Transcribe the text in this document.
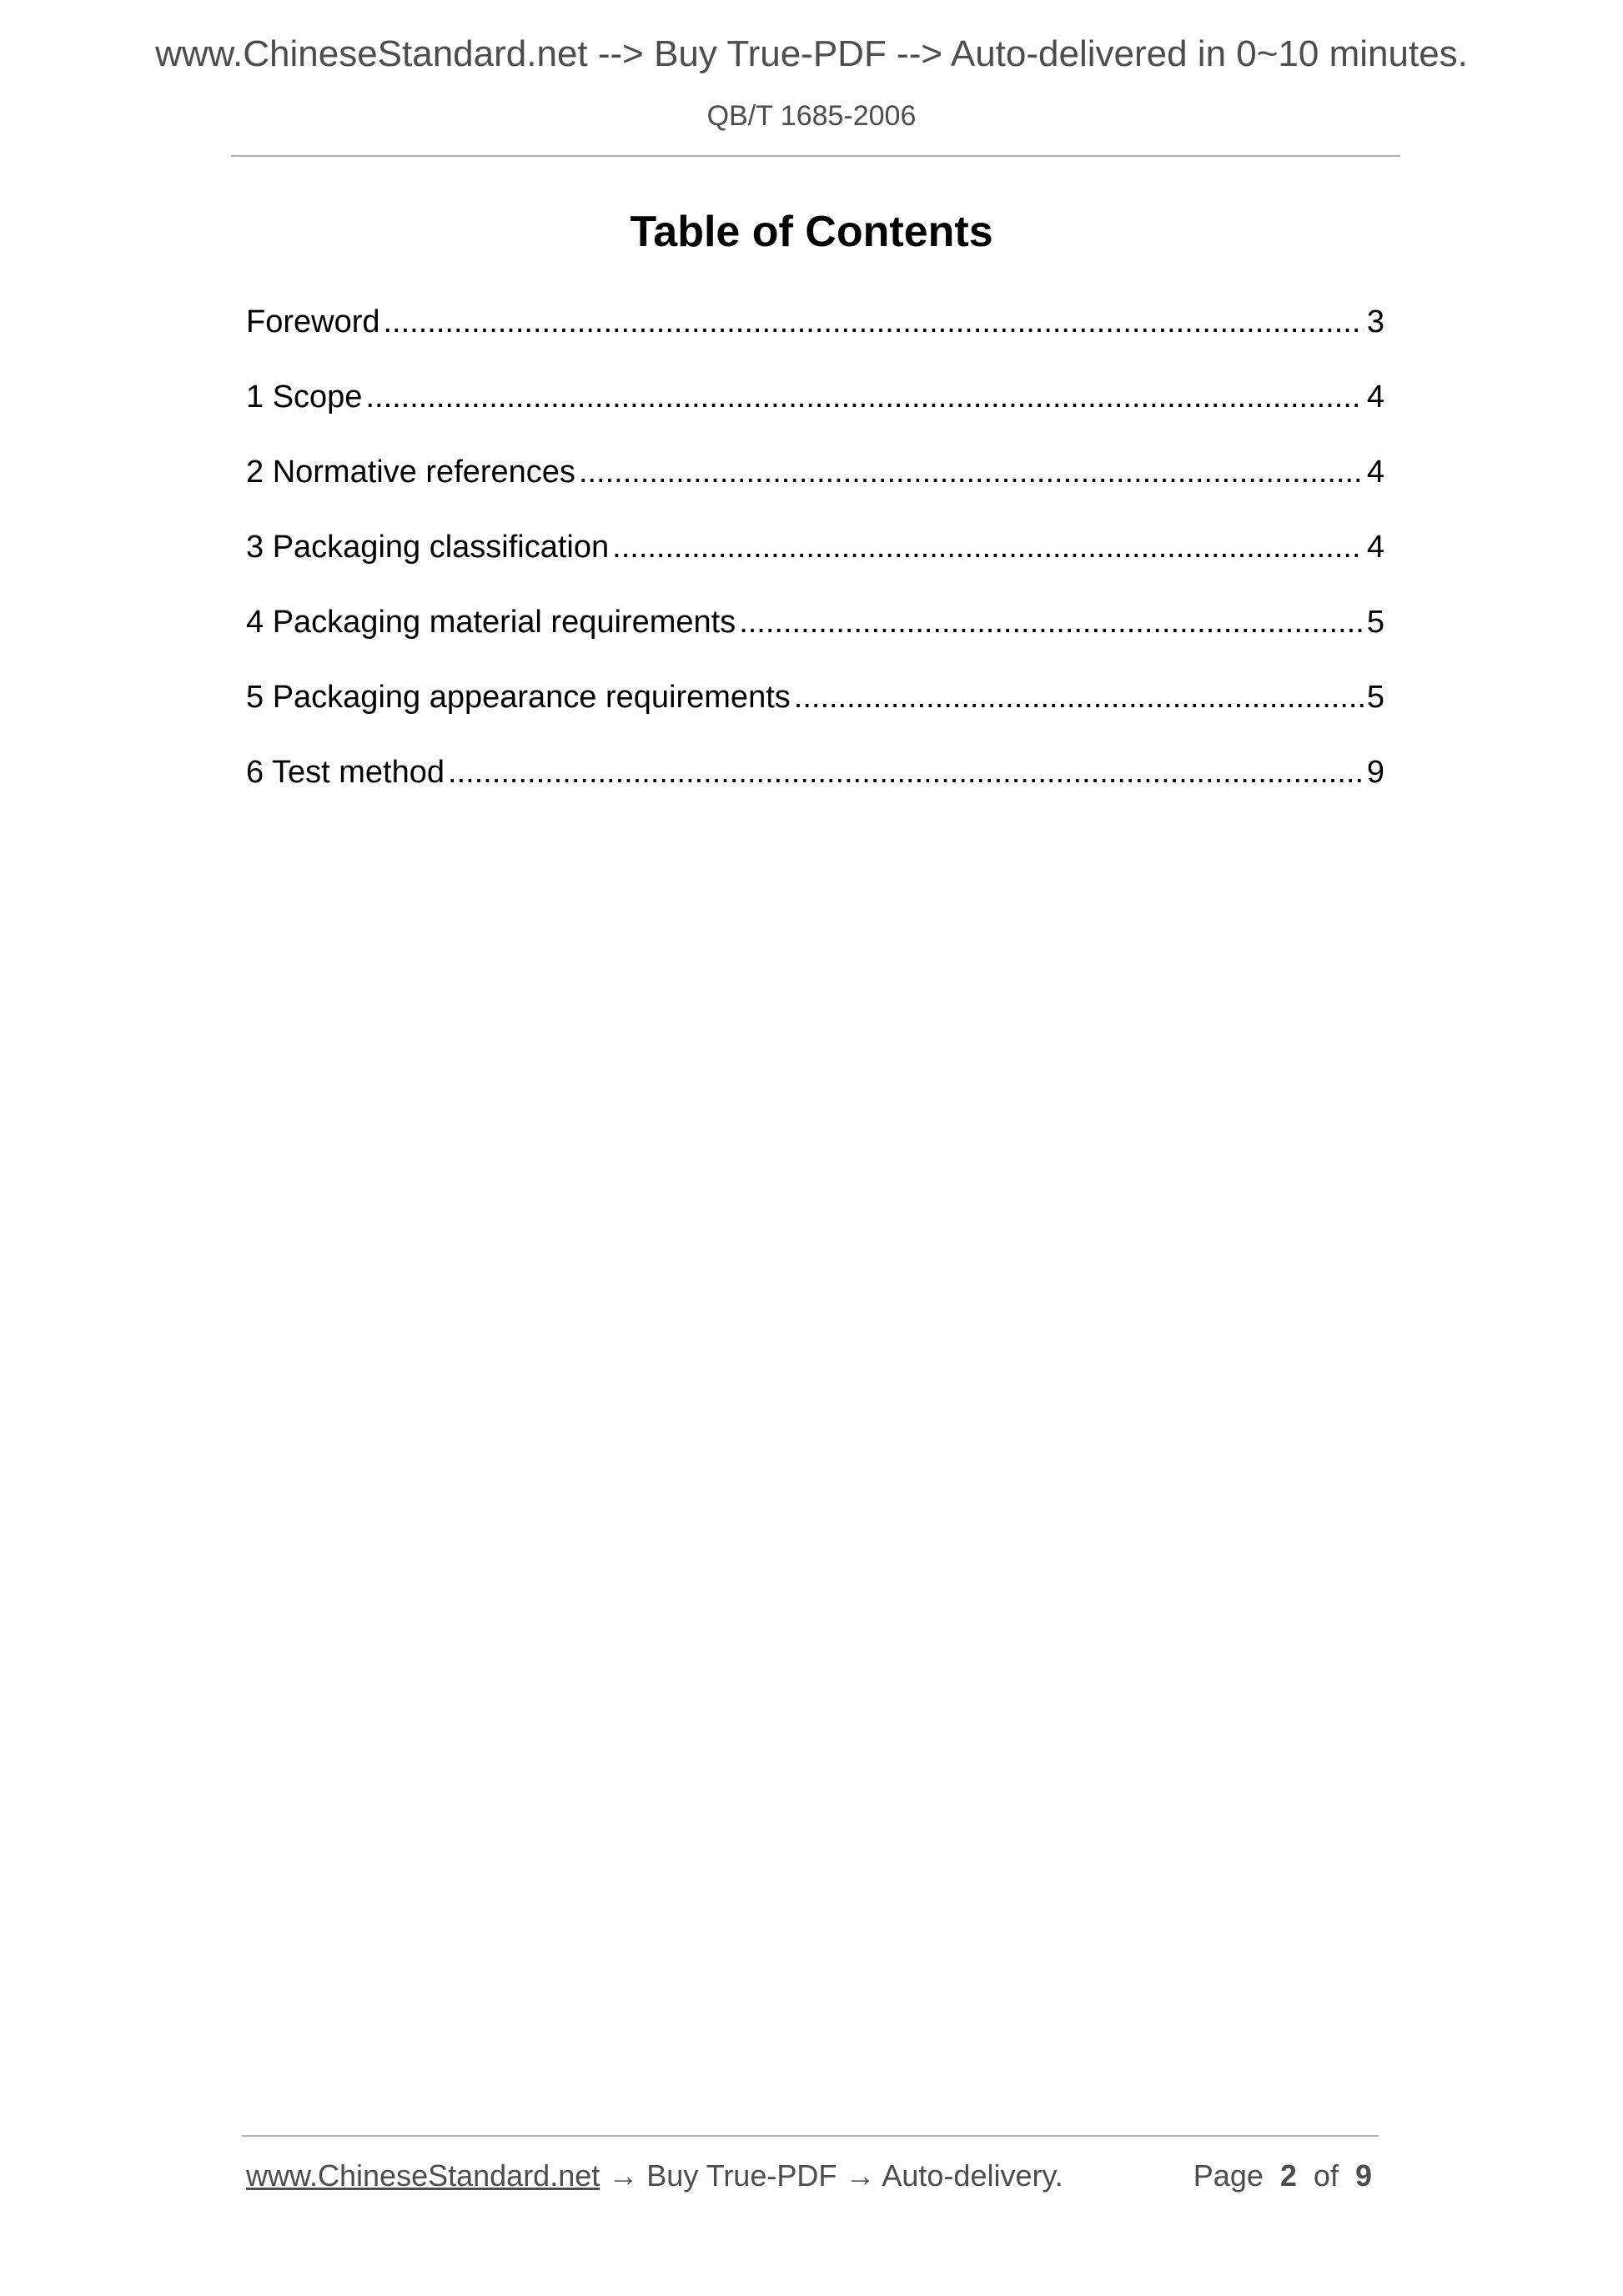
www.ChineseStandard.net --> Buy True-PDF --> Auto-delivered in 0~10 minutes.
QB/T 1685-2006
Table of Contents
Foreword .....	3
1 Scope .....	4
2 Normative references .....	4
3 Packaging classification .....	4
4 Packaging material requirements .....	5
5 Packaging appearance requirements .....	5
6 Test method .....	9
www.ChineseStandard.net → Buy True-PDF → Auto-delivery.	Page 2 of 9
